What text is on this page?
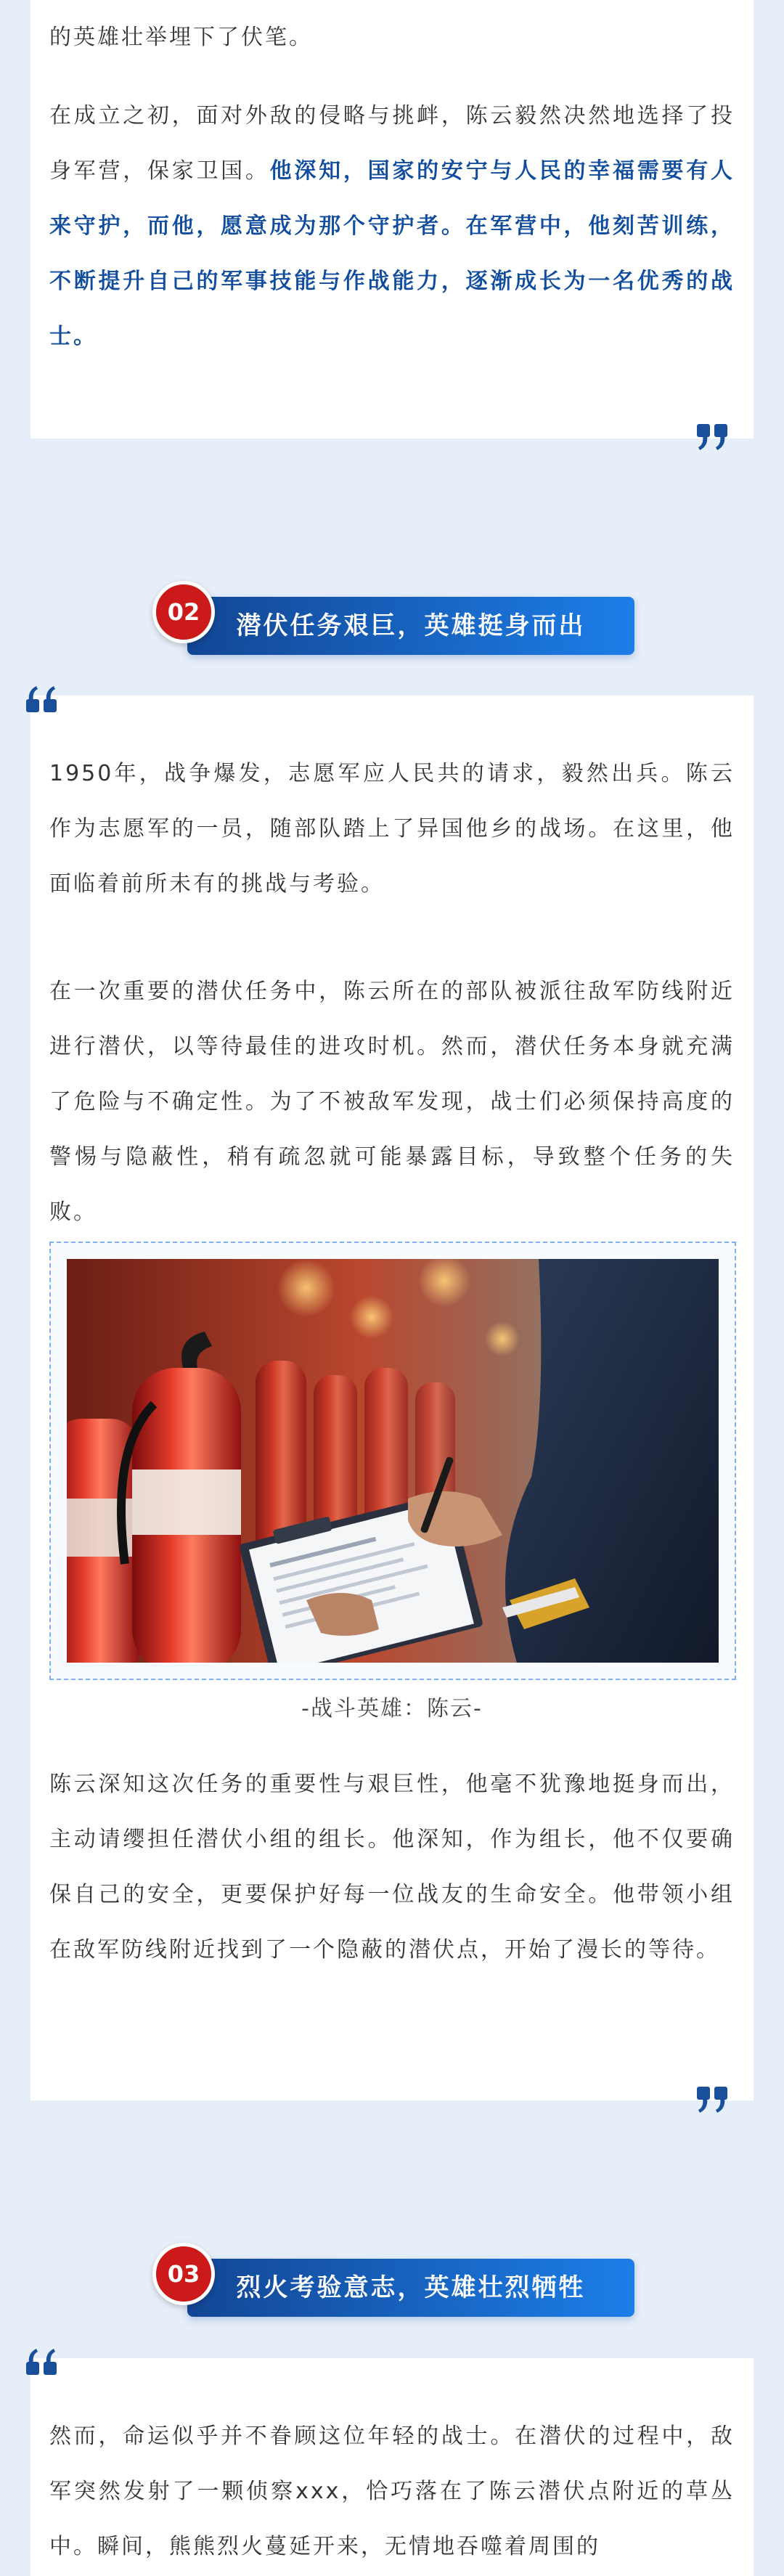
的英雄壮举埋下了伏笔。

在成立之初，面对外敌的侵略与挑衅，陈云毅然决然地选择了投身军营，保家卫国。他深知，国家的安宁与人民的幸福需要有人来守护，而他，愿意成为那个守护者。在军营中，他刻苦训练，不断提升自己的军事技能与作战能力，逐渐成长为一名优秀的战士。

潜伏任务艰巨，英雄挺身而出
02

1950年，战争爆发，志愿军应人民共的请求，毅然出兵。陈云作为志愿军的一员，随部队踏上了异国他乡的战场。在这里，他面临着前所未有的挑战与考验。

在一次重要的潜伏任务中，陈云所在的部队被派往敌军防线附近进行潜伏，以等待最佳的进攻时机。然而，潜伏任务本身就充满了危险与不确定性。为了不被敌军发现，战士们必须保持高度的警惕与隐蔽性，稍有疏忽就可能暴露目标，导致整个任务的失败。

-战斗英雄：陈云-

陈云深知这次任务的重要性与艰巨性，他毫不犹豫地挺身而出，主动请缨担任潜伏小组的组长。他深知，作为组长，他不仅要确保自己的安全，更要保护好每一位战友的生命安全。他带领小组在敌军防线附近找到了一个隐蔽的潜伏点，开始了漫长的等待。

烈火考验意志，英雄壮烈牺牲
03

然而，命运似乎并不眷顾这位年轻的战士。在潜伏的过程中，敌军突然发射了一颗侦察xxx，恰巧落在了陈云潜伏点附近的草丛中。瞬间，熊熊烈火蔓延开来，无情地吞噬着周围的
